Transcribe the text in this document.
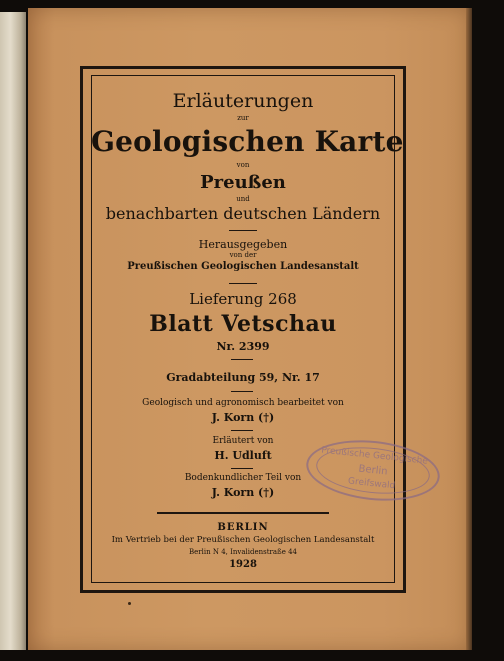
Erläuterungen
zur
Geologischen Karte
von
Preußen
und
benachbarten deutschen Ländern
Herausgegeben
von der
Preußischen Geologischen Landesanstalt
Lieferung 268
Blatt Vetschau
Nr. 2399
Gradabteilung 59, Nr. 17
Geologisch und agronomisch bearbeitet von
J. Korn (†)
Erläutert von
H. Udluft
Bodenkundlicher Teil von
J. Korn (†)
BERLIN
Im Vertrieb bei der Preußischen Geologischen Landesanstalt
Berlin N 4, Invalidenstraße 44
1928
Preußische Geologische
Berlin
Greifswald
